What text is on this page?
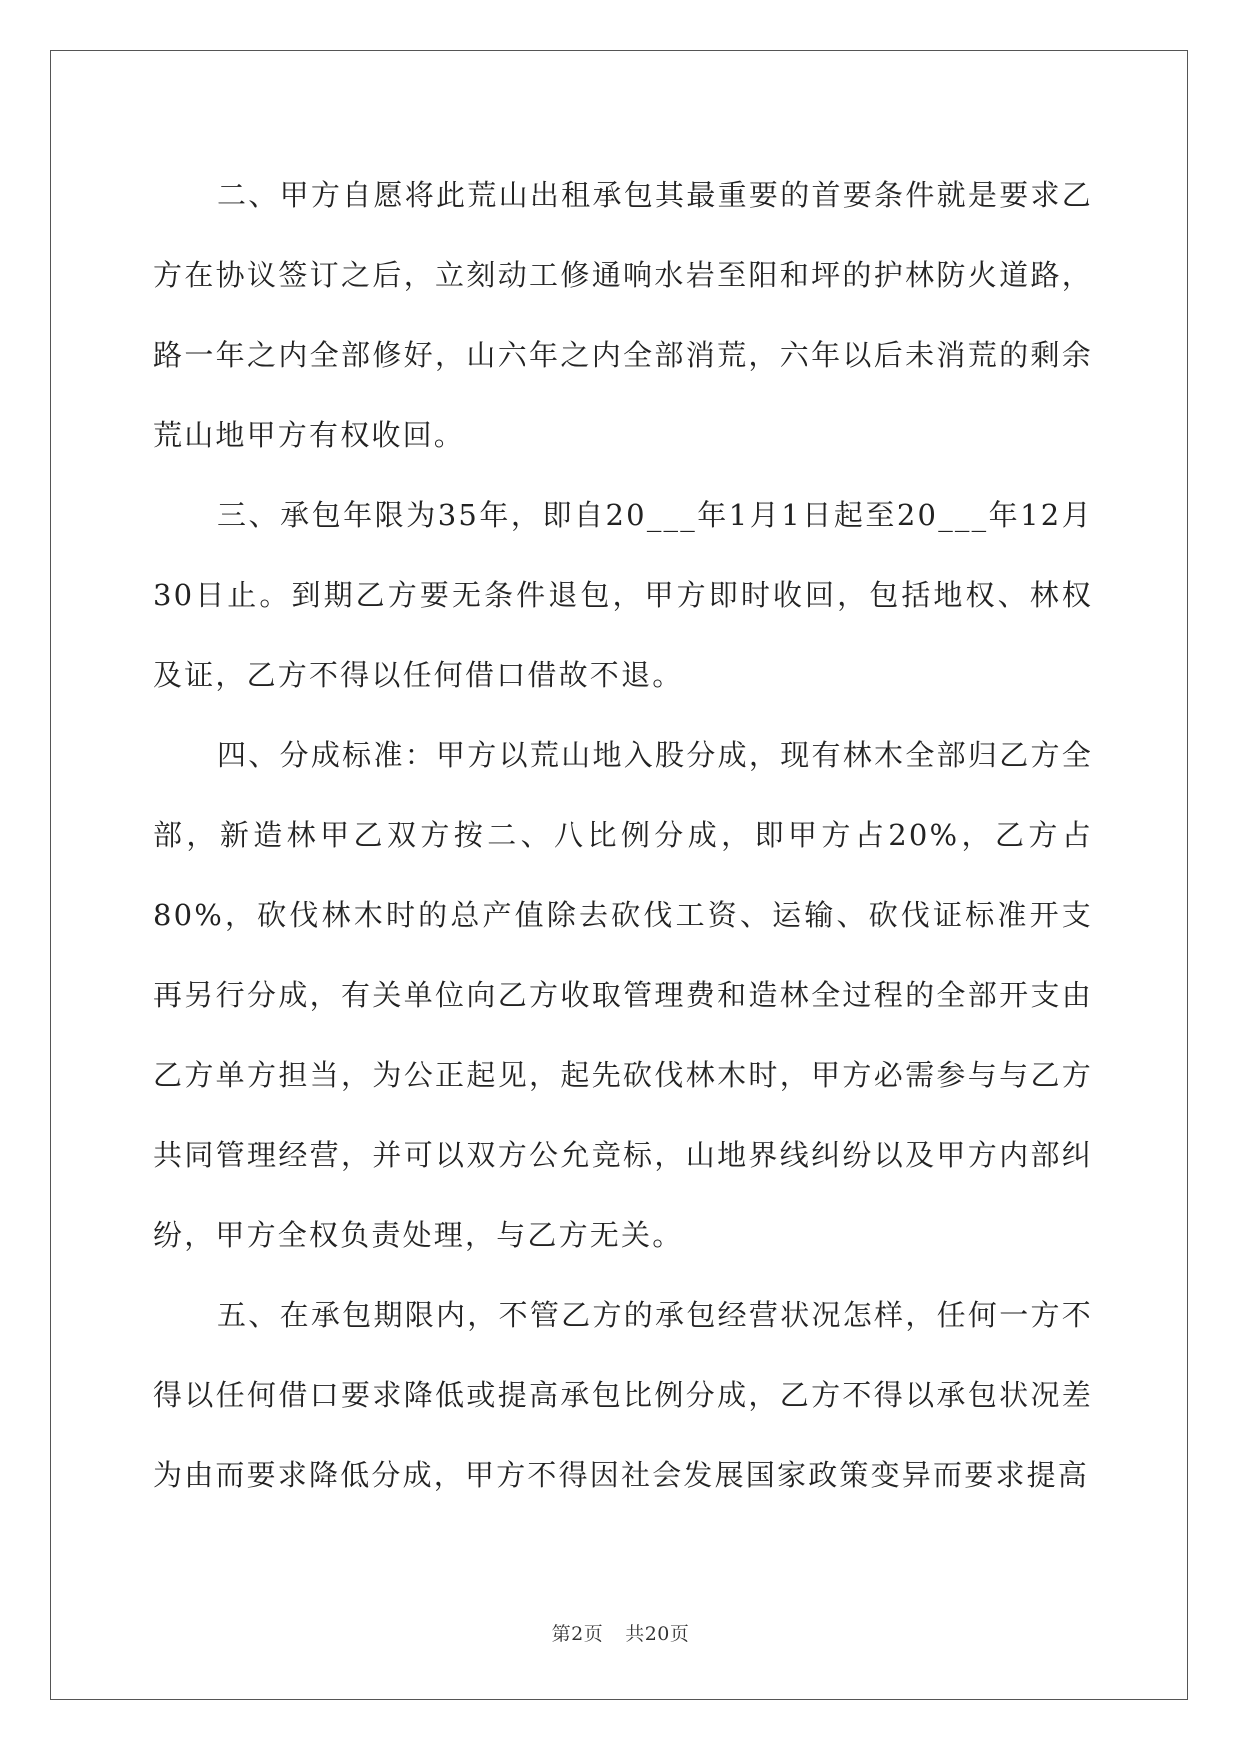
二、甲方自愿将此荒山出租承包其最重要的首要条件就是要求乙方在协议签订之后，立刻动工修通响水岩至阳和坪的护林防火道路，路一年之内全部修好，山六年之内全部消荒，六年以后未消荒的剩余荒山地甲方有权收回。

三、承包年限为35年，即自20___年1月1日起至20___年12月30日止。到期乙方要无条件退包，甲方即时收回，包括地权、林权及证，乙方不得以任何借口借故不退。

四、分成标准：甲方以荒山地入股分成，现有林木全部归乙方全部，新造林甲乙双方按二、八比例分成，即甲方占20%，乙方占80%，砍伐林木时的总产值除去砍伐工资、运输、砍伐证标准开支再另行分成，有关单位向乙方收取管理费和造林全过程的全部开支由乙方单方担当，为公正起见，起先砍伐林木时，甲方必需参与与乙方共同管理经营，并可以双方公允竞标，山地界线纠纷以及甲方内部纠纷，甲方全权负责处理，与乙方无关。

五、在承包期限内，不管乙方的承包经营状况怎样，任何一方不得以任何借口要求降低或提高承包比例分成，乙方不得以承包状况差为由而要求降低分成，甲方不得因社会发展国家政策变异而要求提高

第2页 共20页
